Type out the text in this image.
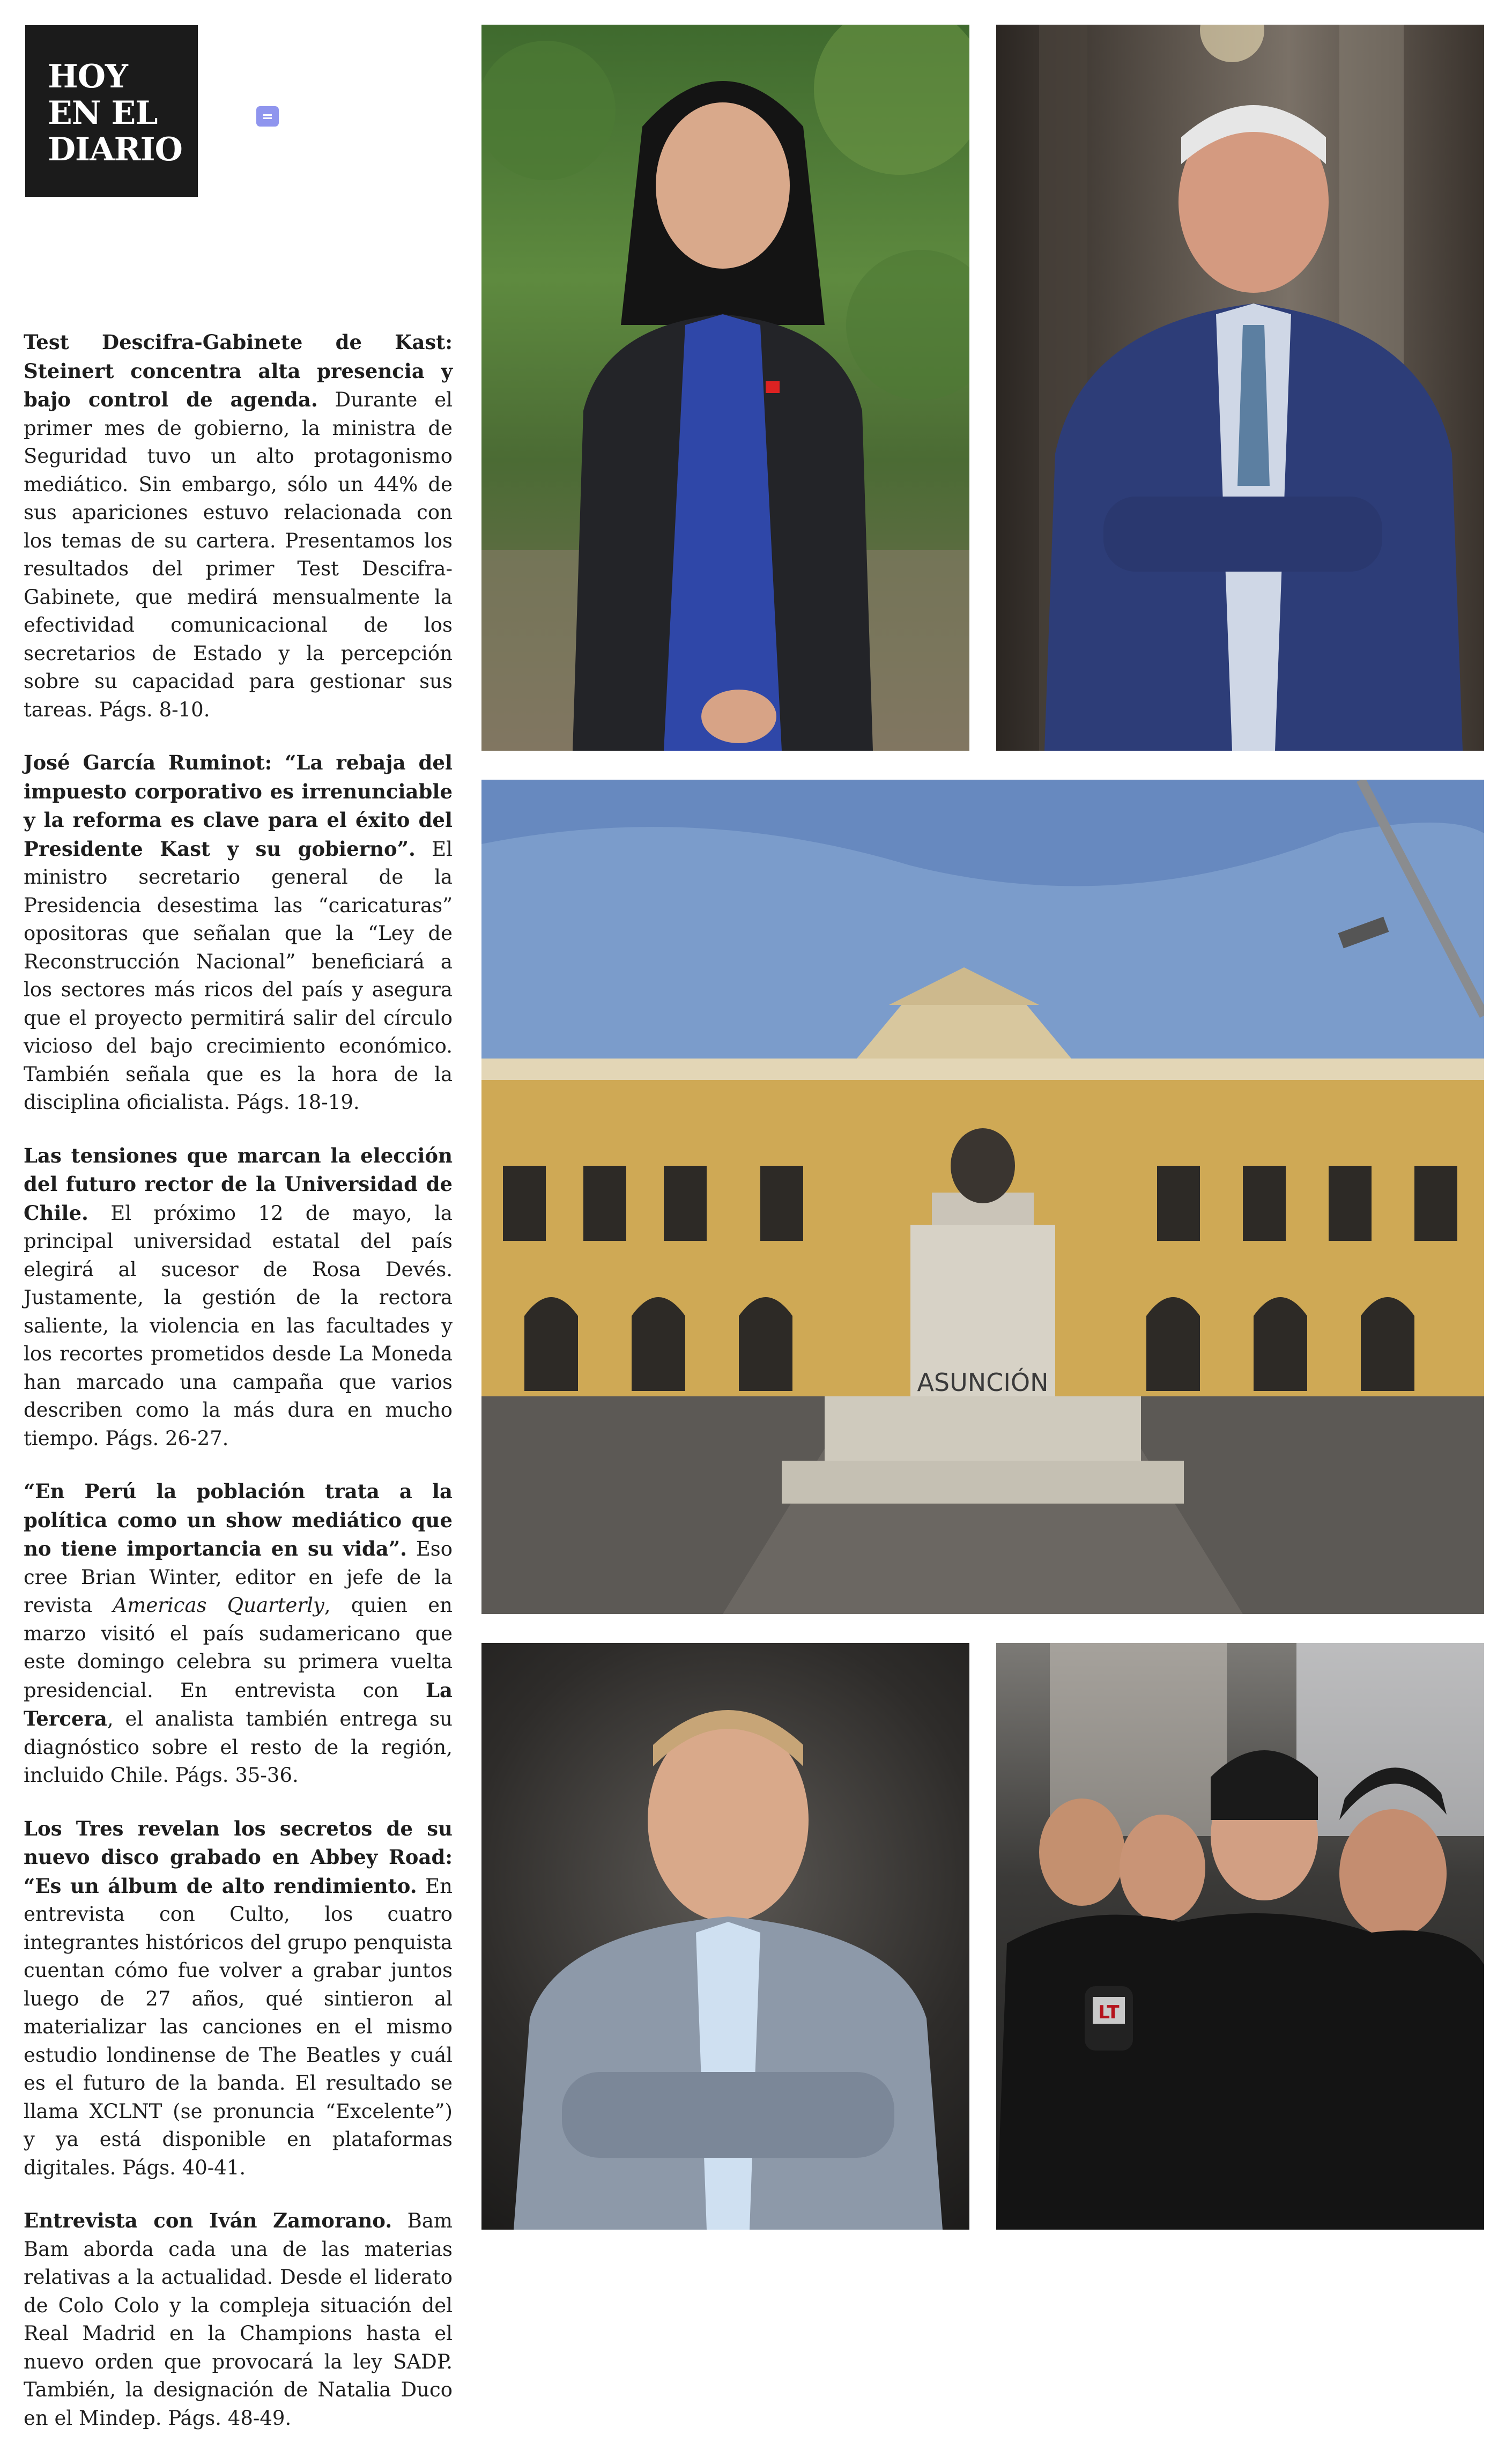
HOY
EN EL
DIARIO

Test Descifra-Gabinete de Kast: Steinert concentra alta presencia y bajo control de agenda. Durante el primer mes de gobierno, la ministra de Seguridad tuvo un alto protagonismo mediático. Sin embargo, sólo un 44% de sus apariciones estuvo relacionada con los temas de su cartera. Presentamos los resultados del primer Test Descifra-Gabinete, que medirá mensualmente la efectividad comunicacional de los secretarios de Estado y la percepción sobre su capacidad para gestionar sus tareas. Págs. 8-10.

José García Ruminot: “La rebaja del impuesto corporativo es irrenunciable y la reforma es clave para el éxito del Presidente Kast y su gobierno”. El ministro secretario general de la Presidencia desestima las “caricaturas” opositoras que señalan que la “Ley de Reconstrucción Nacional” beneficiará a los sectores más ricos del país y asegura que el proyecto permitirá salir del círculo vicioso del bajo crecimiento económico. También señala que es la hora de la disciplina oficialista. Págs. 18-19.

Las tensiones que marcan la elección del futuro rector de la Universidad de Chile. El próximo 12 de mayo, la principal universidad estatal del país elegirá al sucesor de Rosa Devés. Justamente, la gestión de la rectora saliente, la violencia en las facultades y los recortes prometidos desde La Moneda han marcado una campaña que varios describen como la más dura en mucho tiempo. Págs. 26-27.

“En Perú la población trata a la política como un show mediático que no tiene importancia en su vida”. Eso cree Brian Winter, editor en jefe de la revista Americas Quarterly, quien en marzo visitó el país sudamericano que este domingo celebra su primera vuelta presidencial. En entrevista con La Tercera, el analista también entrega su diagnóstico sobre el resto de la región, incluido Chile. Págs. 35-36.

Los Tres revelan los secretos de su nuevo disco grabado en Abbey Road: “Es un álbum de alto rendimiento. En entrevista con Culto, los cuatro integrantes históricos del grupo penquista cuentan cómo fue volver a grabar juntos luego de 27 años, qué sintieron al materializar las canciones en el mismo estudio londinense de The Beatles y cuál es el futuro de la banda. El resultado se llama XCLNT (se pronuncia “Excelente”) y ya está disponible en plataformas digitales. Págs. 40-41.

Entrevista con Iván Zamorano. Bam Bam aborda cada una de las materias relativas a la actualidad. Desde el liderato de Colo Colo y la compleja situación del Real Madrid en la Champions hasta el nuevo orden que provocará la ley SADP. También, la designación de Natalia Duco en el Mindep. Págs. 48-49.

ASUNCIÓN
LT
